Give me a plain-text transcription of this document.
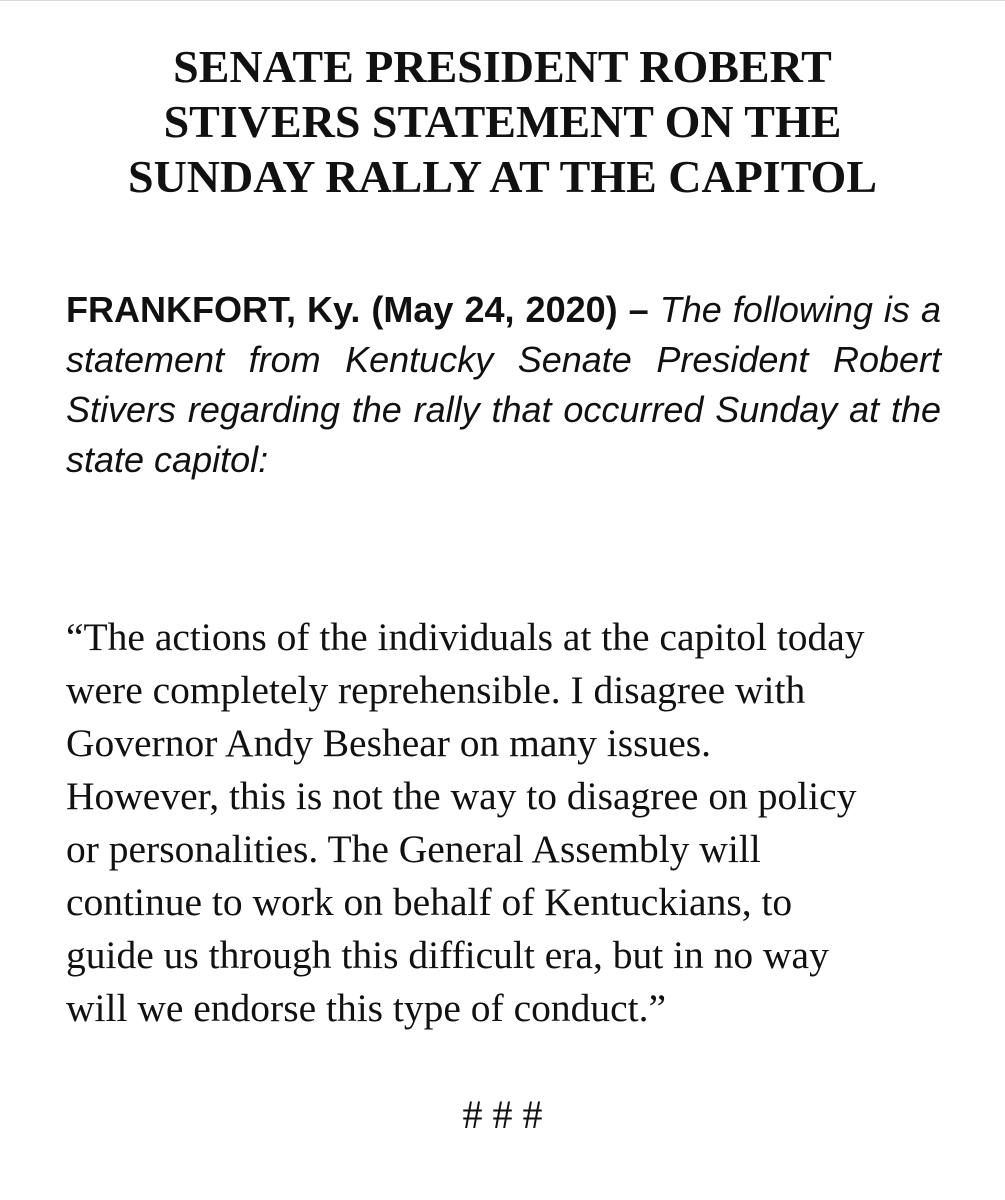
SENATE PRESIDENT ROBERT
STIVERS STATEMENT ON THE
SUNDAY RALLY AT THE CAPITOL

FRANKFORT, Ky. (May 24, 2020) – The following is a statement from Kentucky Senate President Robert Stivers regarding the rally that occurred Sunday at the state capitol:

“The actions of the individuals at the capitol today
were completely reprehensible. I disagree with
Governor Andy Beshear on many issues.
However, this is not the way to disagree on policy
or personalities. The General Assembly will
continue to work on behalf of Kentuckians, to
guide us through this difficult era, but in no way
will we endorse this type of conduct.”

# # #
